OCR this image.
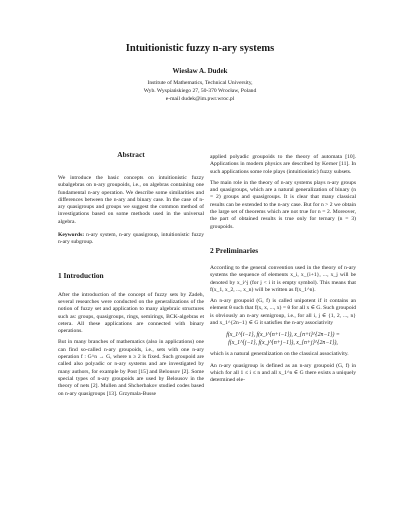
Intuitionistic fuzzy n-ary systems
Wiesław A. Dudek
Institute of Mathematics, Technical University,
Wyb. Wyspiańskiego 27, 50-370 Wrocław, Poland
e-mail dudek@im.pwr.wroc.pl
Abstract

We introduce the basic concepts on intuitionistic fuzzy subalgebras on n-ary groupoids, i.e., on algebras containing one fundamental n-ary operation. We describe some similarities and differences between the n-ary and binary case. In the case of n-ary quasigroups and groups we suggest the common method of investigations based on some methods used in the universal algebra.

Keywords: n-ary system, n-ary quasigroup, intuitionistic fuzzy n-ary subgroup.

1 Introduction

After the introduction of the concept of fuzzy sets by Zadeh, several researches were conducted on the generalizations of the notion of fuzzy set and application to many algebraic structures such as: groups, quasigroups, rings, semirings, BCK-algebras et cetera. All these applications are connected with binary operations.

But in many branches of mathematics (also in applications) one can find so-called n-ary groupoids, i.e., sets with one n-ary operation f : G^n → G, where n ≥ 2 is fixed. Such groupoid are called also polyadic or n-ary systems and are investigated by many authors, for example by Post [15] and Belousov [2]. Some special types of n-ary groupoids are used by Belousov in the theory of nets [2]. Mullen and Shcherbakov studied codes based on n-ary quasigroups [13]. Grzymala-Busse

applied polyadic groupoids to the theory of automata [10]. Applications in modern physics are described by Kerner [11]. In such applications some role plays (intuitionistic) fuzzy subsets.

The main role in the theory of n-ary systems plays n-ary groups and quasigroups, which are a natural generalization of binary (n = 2) groups and quasigroups. It is clear that many classical results can be extended to the n-ary case. But for n > 2 we obtain the large set of theorems which are not true for n = 2. Moreover, the part of obtained results is true only for ternary (n = 3) groupoids.

2 Preliminaries

According to the general convention used in the theory of n-ary systems the sequence of elements x_i, x_{i+1}, ..., x_j will be denoted by x_i^j (for j < i it is empty symbol). This means that f(x_1, x_2, ..., x_n) will be written as f(x_1^n).

An n-ary groupoid (G, f) is called unipotent if it contains an element θ such that f(x, x, ..., x) = θ for all x ∈ G. Such groupoid is obviously an n-ary semigroup, i.e., for all i, j ∈ {1, 2, ..., n} and x_1^{2n−1} ∈ G it satisfies the n-ary associativity

f(x_1^{i−1}, f(x_i^{n+i−1}), x_{n+i}^{2n−1}) =
f(x_1^{j−1}, f(x_j^{n+j−1}), x_{n+j}^{2n−1}),

which is a natural generalization on the classical associativity.

An n-ary quasigroup is defined as an n-ary groupoid (G, f) in which for all 1 ≤ i ≤ n and all x_1^n ∈ G there exists a uniquely determined ele-
